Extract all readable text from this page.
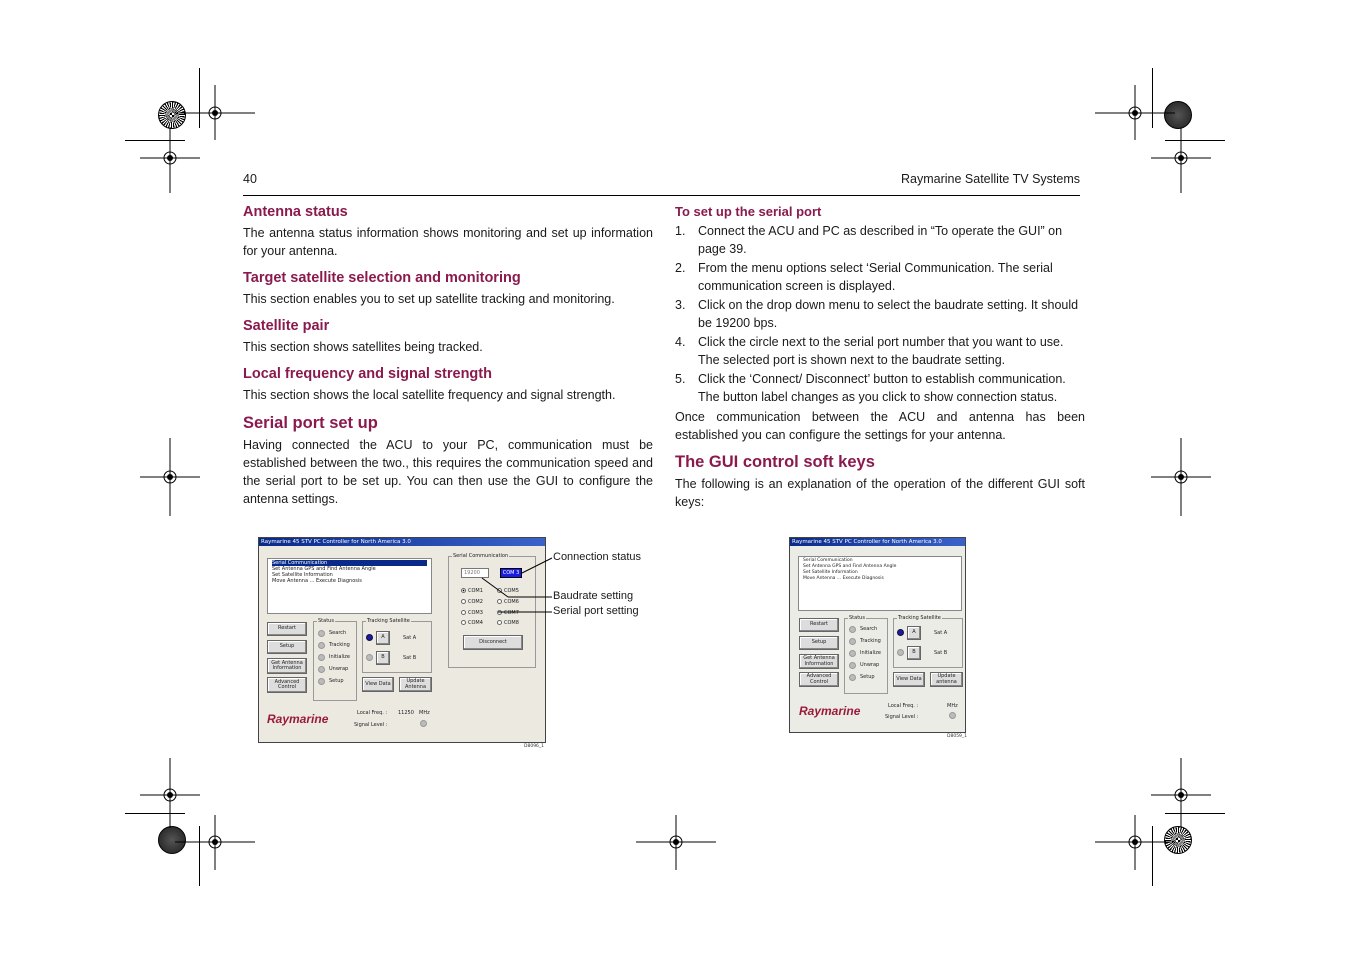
40	Raymarine Satellite TV Systems
Antenna status

The antenna status information shows monitoring and set up information for your antenna.

Target satellite selection and monitoring

This section enables you to set up satellite tracking and monitoring.

Satellite pair

This section shows satellites being tracked.

Local frequency and signal strength

This section shows the local satellite frequency and signal strength.

Serial port set up

Having connected the ACU to your PC, communication must be established between the two., this requires the communication speed and the serial port to be set up. You can then use the GUI to configure the antenna settings.

To set up the serial port
1. Connect the ACU and PC as described in “To operate the GUI” on page 39.
2. From the menu options select ‘Serial Communication. The serial communication screen is displayed.
3. Click on the drop down menu to select the baudrate setting. It should be 19200 bps.
4. Click the circle next to the serial port number that you want to use. The selected port is shown next to the baudrate setting.
5. Click the ‘Connect/ Disconnect’ button to establish communication. The button label changes as you click to show connection status.

Once communication between the ACU and antenna has been established you can configure the settings for your antenna.

The GUI control soft keys

The following is an explanation of the operation of the different GUI soft keys:

Raymarine 45 STV PC Controller for North America 3.0
Serial Communication
Set Antenna GPS and Find Antenna Angle
Set Satellite Information
Move Antenna ... Execute Diagnosis
Restart
Setup
Get Antenna Information
Advanced Control
Status
Search
Tracking
Initialize
Unwrap
Setup
Tracking Satellite
A	Sat A
B	Sat B
View Data	Update Antenna
Serial Communication
19200	COM 3
COM1
COM2
COM3
COM4
COM5
COM6
COM7
COM8
Disconnect
Raymarine	Local Freq. : 11250 MHz
Signal Level :
D8096_1
Connection status
Baudrate setting
Serial port setting
Raymarine 45 STV PC Controller for North America 3.0
Serial Communication
Set Antenna GPS and Find Antenna Angle
Set Satellite Information
Move Antenna ... Execute Diagnosis
Restart
Setup
Get Antenna Information
Advanced Control
Status
Search
Tracking
Initialize
Unwrap
Setup
Tracking Satellite
A	Sat A
B	Sat B
View Data	Update antenna
Raymarine	Local Freq. :	MHz
Signal Level :
D8059_1
